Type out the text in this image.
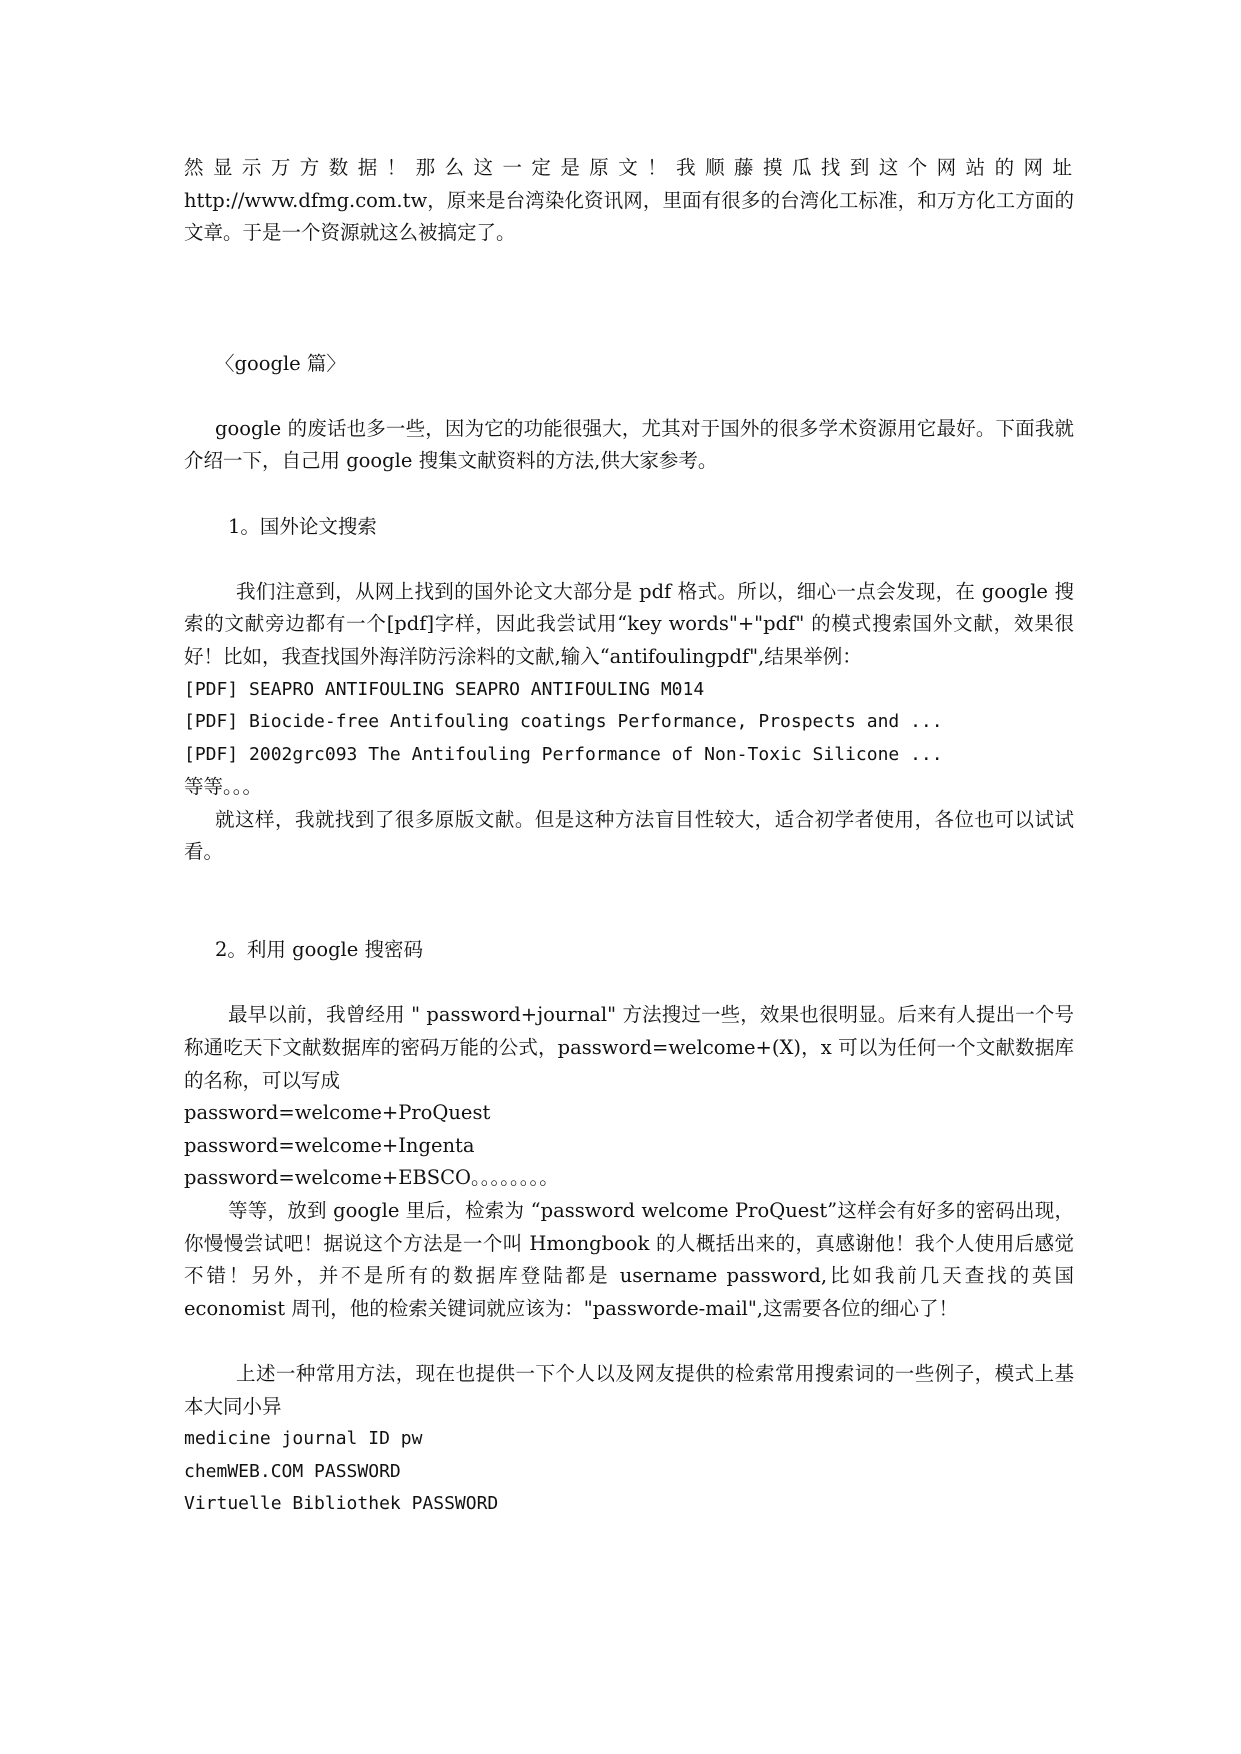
然显示万方数据！那么这一定是原文！我顺藤摸瓜找到这个网站的网址

http://www.dfmg.com.tw，原来是台湾染化资讯网，里面有很多的台湾化工标准，和万方化工方面的文章。于是一个资源就这么被搞定了。

〈google 篇〉

google 的废话也多一些，因为它的功能很强大，尤其对于国外的很多学术资源用它最好。下面我就介绍一下，自己用 google 搜集文献资料的方法,供大家参考。

1。国外论文搜索

我们注意到，从网上找到的国外论文大部分是 pdf 格式。所以，细心一点会发现，在 google 搜索的文献旁边都有一个[pdf]字样，因此我尝试用“key words"+"pdf" 的模式搜索国外文献，效果很好！比如，我查找国外海洋防污涂料的文献,输入“antifoulingpdf",结果举例：

[PDF] SEAPRO ANTIFOULING SEAPRO ANTIFOULING M014

[PDF] Biocide-free Antifouling coatings Performance, Prospects and ...

[PDF] 2002grc093 The Antifouling Performance of Non-Toxic Silicone ...

等等。。。

就这样，我就找到了很多原版文献。但是这种方法盲目性较大，适合初学者使用，各位也可以试试看。

2。利用 google 搜密码

最早以前，我曾经用 " password+journal" 方法搜过一些，效果也很明显。后来有人提出一个号称通吃天下文献数据库的密码万能的公式，password=welcome+(X)，x 可以为任何一个文献数据库的名称，可以写成

password=welcome+ProQuest

password=welcome+Ingenta

password=welcome+EBSCO。。。。。。。。

等等，放到 google 里后，检索为 “password welcome ProQuest”这样会有好多的密码出现，你慢慢尝试吧！据说这个方法是一个叫 Hmongbook 的人概括出来的，真感谢他！我个人使用后感觉不错！另外，并不是所有的数据库登陆都是 username password,比如我前几天查找的英国 economist 周刊，他的检索关键词就应该为："passworde-mail",这需要各位的细心了！

上述一种常用方法，现在也提供一下个人以及网友提供的检索常用搜索词的一些例子，模式上基本大同小异

medicine journal ID pw

chemWEB.COM PASSWORD

Virtuelle Bibliothek PASSWORD
